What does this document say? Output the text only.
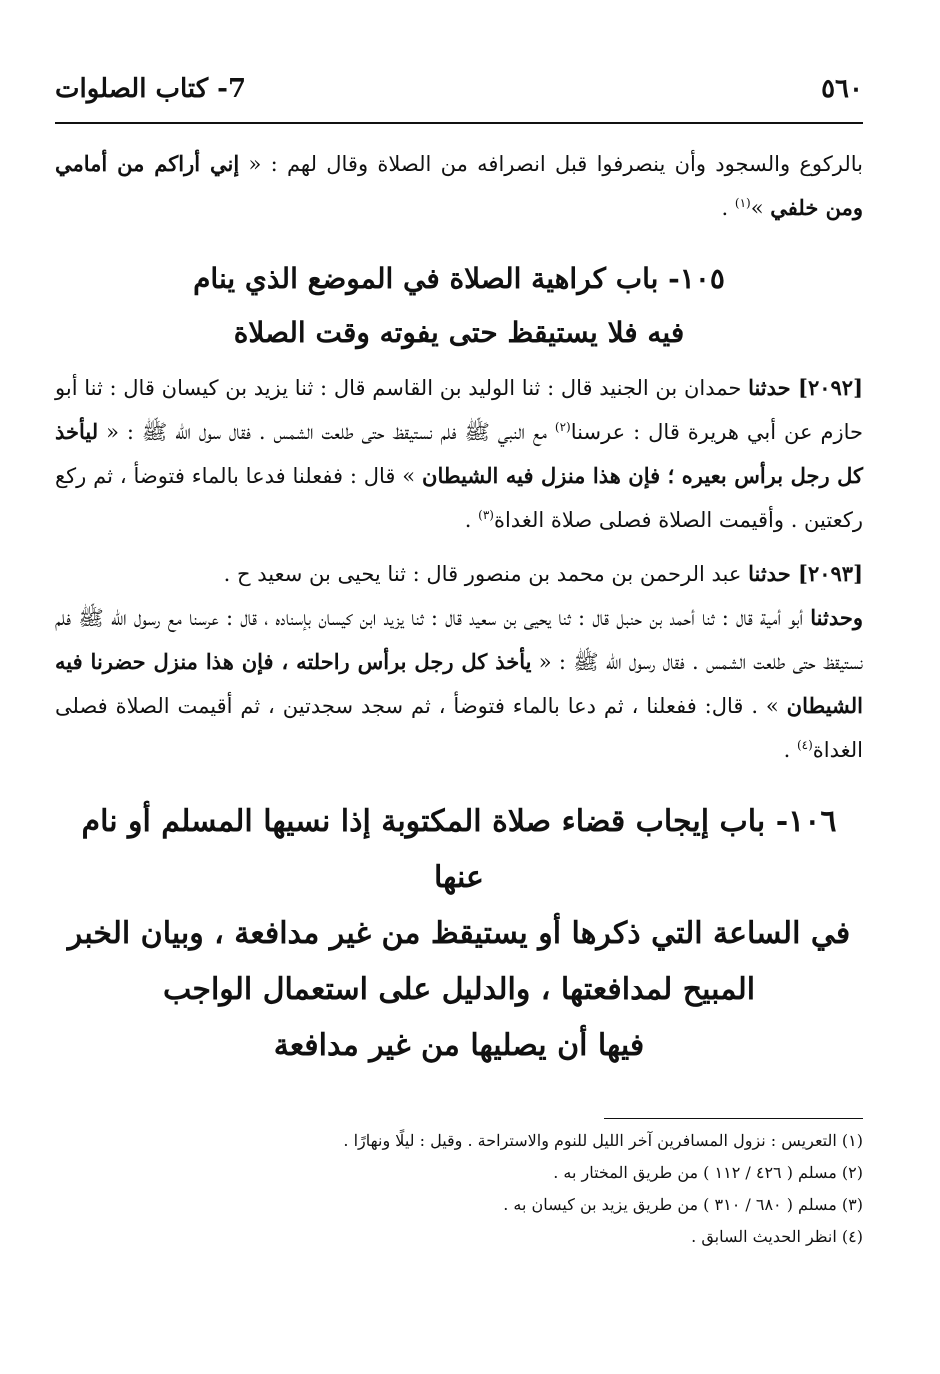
٥٦٠
7- كتاب الصلوات

بالركوع والسجود وأن ينصرفوا قبل انصرافه من الصلاة وقال لهم : « إني أراكم من أمامي ومن خلفي »$^{(١)}$ .

١٠٥- باب كراهية الصلاة في الموضع الذي ينام
فيه فلا يستيقظ حتى يفوته وقت الصلاة

[٢٠٩٢] حدثنا حمدان بن الجنيد قال : ثنا الوليد بن القاسم قال : ثنا يزيد بن كيسان قال : ثنا أبو حازم عن أبي هريرة قال : عرسنا$^{(٢)}$ مع النبي ﷺ فلم نستيقظ حتى طلعت الشمس . فقال سول الله ﷺ : « ليأخذ كل رجل برأس بعيره ؛ فإن هذا منزل فيه الشيطان » قال : ففعلنا فدعا بالماء فتوضأ ، ثم ركع ركعتين . وأقيمت الصلاة فصلى صلاة الغداة$^{(٣)}$ .

[٢٠٩٣] حدثنا عبد الرحمن بن محمد بن منصور قال : ثنا يحيى بن سعيد ح .

وحدثنا أبو أمية قال : ثنا أحمد بن حنبل قال : ثنا يحيى بن سعيد قال : ثنا يزيد ابن كيسان بإسناده ، قال : عرسنا مع رسول الله ﷺ فلم نستيقظ حتى طلعت الشمس . فقال رسول الله ﷺ : « يأخذ كل رجل برأس راحلته ، فإن هذا منزل حضرنا فيه الشيطان » . قال: ففعلنا ، ثم دعا بالماء فتوضأ ، ثم سجد سجدتين ، ثم أقيمت الصلاة فصلى الغداة$^{(٤)}$ .

١٠٦- باب إيجاب قضاء صلاة المكتوبة إذا نسيها المسلم أو نام عنها
في الساعة التي ذكرها أو يستيقظ من غير مدافعة ، وبيان الخبر
المبيح لمدافعتها ، والدليل على استعمال الواجب
فيها أن يصليها من غير مدافعة

(١) التعريس : نزول المسافرين آخر الليل للنوم والاستراحة . وقيل : ليلًا ونهارًا .

(٢) مسلم ( ٤٢٦ / ١١٢ ) من طريق المختار به .

(٣) مسلم ( ٦٨٠ / ٣١٠ ) من طريق يزيد بن كيسان به .

(٤) انظر الحديث السابق .
